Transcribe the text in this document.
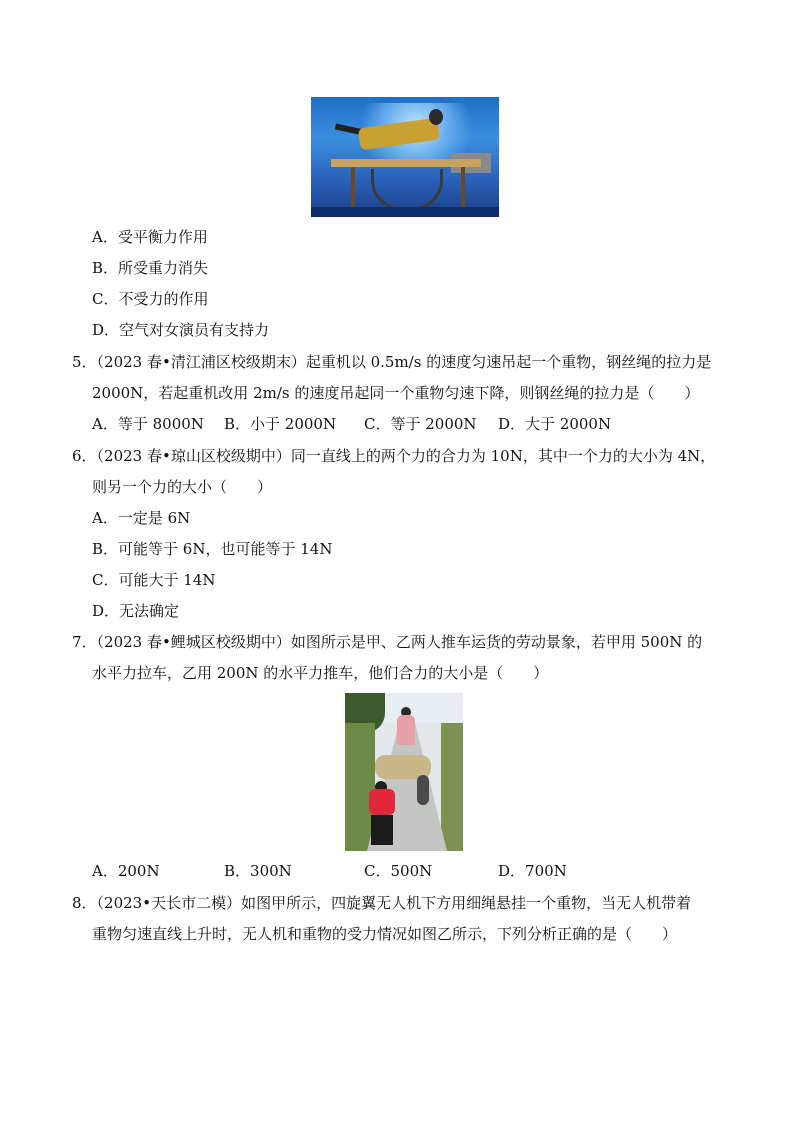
A．受平衡力作用
B．所受重力消失
C．不受力的作用
D．空气对女演员有支持力
5．（2023 春•清江浦区校级期末）起重机以 0.5m/s 的速度匀速吊起一个重物，钢丝绳的拉力是
2000N，若起重机改用 2m/s 的速度吊起同一个重物匀速下降，则钢丝绳的拉力是（　　）
A．等于 8000N B．小于 2000N C．等于 2000N D．大于 2000N
6．（2023 春•琼山区校级期中）同一直线上的两个力的合力为 10N，其中一个力的大小为 4N，
则另一个力的大小（　　）
A．一定是 6N
B．可能等于 6N，也可能等于 14N
C．可能大于 14N
D．无法确定
7．（2023 春•鲤城区校级期中）如图所示是甲、乙两人推车运货的劳动景象，若甲用 500N 的
水平力拉车，乙用 200N 的水平力推车，他们合力的大小是（　　）
A．200N	B．300N	C．500N	D．700N
8．（2023•天长市二模）如图甲所示，四旋翼无人机下方用细绳悬挂一个重物，当无人机带着
重物匀速直线上升时，无人机和重物的受力情况如图乙所示，下列分析正确的是（　　）
